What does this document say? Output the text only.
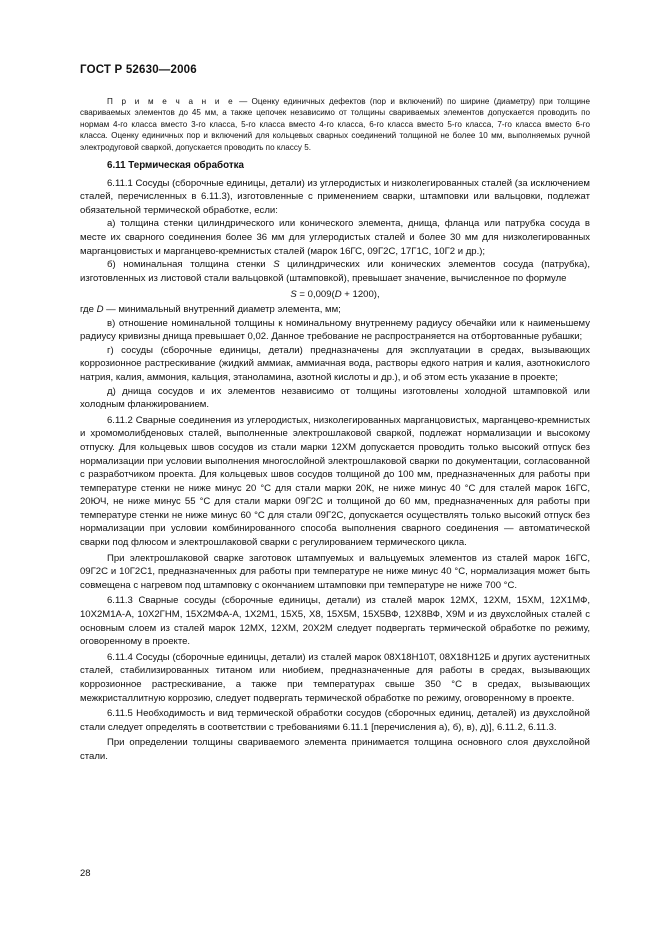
ГОСТ Р 52630—2006

П р и м е ч а н и е — Оценку единичных дефектов (пор и включений) по ширине (диаметру) при толщине свариваемых элементов до 45 мм, а также цепочек независимо от толщины свариваемых элементов допускается проводить по нормам 4-го класса вместо 3-го класса, 5-го класса вместо 4-го класса, 6-го класса вместо 5-го класса, 7-го класса вместо 6-го класса. Оценку единичных пор и включений для кольцевых сварных соединений толщиной не более 10 мм, выполняемых ручной электродуговой сваркой, допускается проводить по классу 5.

6.11 Термическая обработка

6.11.1 Сосуды (сборочные единицы, детали) из углеродистых и низколегированных сталей (за исключением сталей, перечисленных в 6.11.3), изготовленные с применением сварки, штамповки или вальцовки, подлежат обязательной термической обработке, если:

а) толщина стенки цилиндрического или конического элемента, днища, фланца или патрубка сосуда в месте их сварного соединения более 36 мм для углеродистых сталей и более 30 мм для низколегированных марганцовистых и марганцево-кремнистых сталей (марок 16ГС, 09Г2С, 17Г1С, 10Г2 и др.);

б) номинальная толщина стенки S цилиндрических или конических элементов сосуда (патрубка), изготовленных из листовой стали вальцовкой (штамповкой), превышает значение, вычисленное по формуле

S = 0,009(D + 1200),

где D — минимальный внутренний диаметр элемента, мм;

в) отношение номинальной толщины к номинальному внутреннему радиусу обечайки или к наименьшему радиусу кривизны днища превышает 0,02. Данное требование не распространяется на отбортованные рубашки;

г) сосуды (сборочные единицы, детали) предназначены для эксплуатации в средах, вызывающих коррозионное растрескивание (жидкий аммиак, аммиачная вода, растворы едкого натрия и калия, азотнокислого натрия, калия, аммония, кальция, этаноламина, азотной кислоты и др.), и об этом есть указание в проекте;

д) днища сосудов и их элементов независимо от толщины изготовлены холодной штамповкой или холодным фланжированием.

6.11.2 Сварные соединения из углеродистых, низколегированных марганцовистых, марганцево-кремнистых и хромомолибденовых сталей, выполненные электрошлаковой сваркой, подлежат нормализации и высокому отпуску. Для кольцевых швов сосудов из стали марки 12ХМ допускается проводить только высокий отпуск без нормализации при условии выполнения многослойной электрошлаковой сварки по документации, согласованной с разработчиком проекта. Для кольцевых швов сосудов толщиной до 100 мм, предназначенных для работы при температуре стенки не ниже минус 20 °С для стали марки 20К, не ниже минус 40 °С для сталей марок 16ГС, 20ЮЧ, не ниже минус 55 °С для стали марки 09Г2С и толщиной до 60 мм, предназначенных для работы при температуре стенки не ниже минус 60 °С для стали 09Г2С, допускается осуществлять только высокий отпуск без нормализации при условии комбинированного способа выполнения сварного соединения — автоматической сварки под флюсом и электрошлаковой сварки с регулированием термического цикла.

При электрошлаковой сварке заготовок штампуемых и вальцуемых элементов из сталей марок 16ГС, 09Г2С и 10Г2С1, предназначенных для работы при температуре не ниже минус 40 °С, нормализация может быть совмещена с нагревом под штамповку с окончанием штамповки при температуре не ниже 700 °С.

6.11.3 Сварные сосуды (сборочные единицы, детали) из сталей марок 12МХ, 12ХМ, 15ХМ, 12Х1МФ, 10Х2М1А-А, 10Х2ГНМ, 15Х2МФА-А, 1Х2М1, 15Х5, Х8, 15Х5М, 15Х5ВФ, 12Х8ВФ, Х9М и из двухслойных сталей с основным слоем из сталей марок 12МХ, 12ХМ, 20Х2М следует подвергать термической обработке по режиму, оговоренному в проекте.

6.11.4 Сосуды (сборочные единицы, детали) из сталей марок 08Х18Н10Т, 08Х18Н12Б и других аустенитных сталей, стабилизированных титаном или ниобием, предназначенные для работы в средах, вызывающих коррозионное растрескивание, а также при температурах свыше 350 °С в средах, вызывающих межкристаллитную коррозию, следует подвергать термической обработке по режиму, оговоренному в проекте.

6.11.5 Необходимость и вид термической обработки сосудов (сборочных единиц, деталей) из двухслойной стали следует определять в соответствии с требованиями 6.11.1 [перечисления а), б), в), д)], 6.11.2, 6.11.3.

При определении толщины свариваемого элемента принимается толщина основного слоя двухслойной стали.

28
